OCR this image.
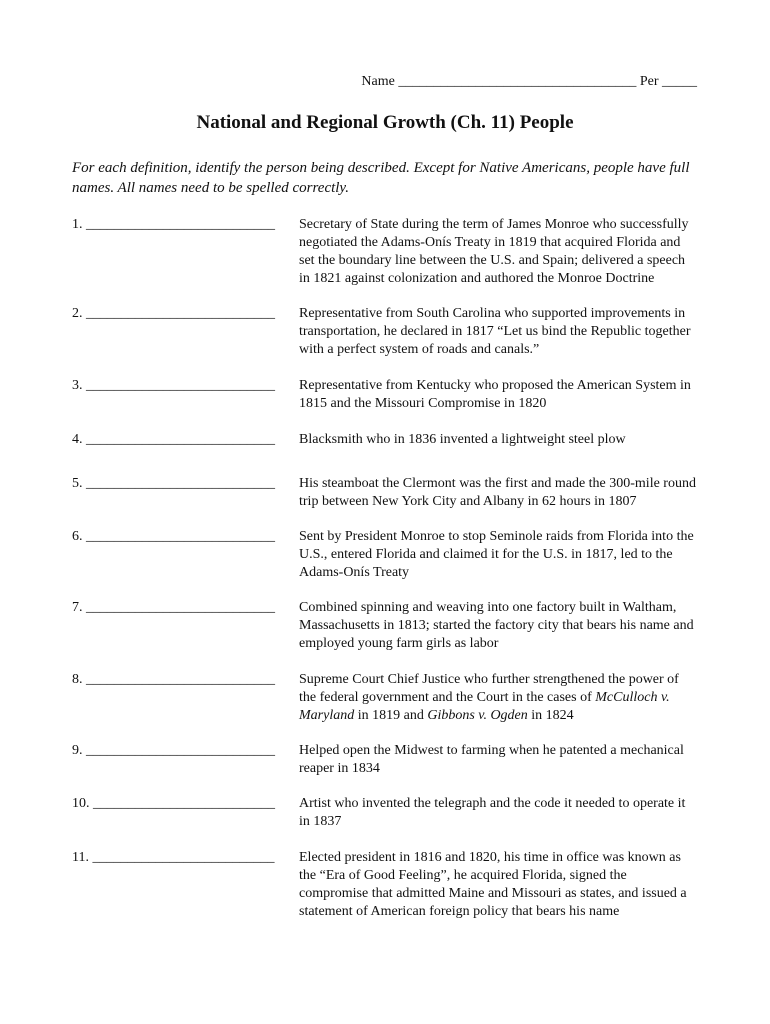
Name __________________________________ Per _____
National and Regional Growth (Ch. 11) People
For each definition, identify the person being described. Except for Native Americans, people have full names. All names need to be spelled correctly.
1. ___________________________	Secretary of State during the term of James Monroe who successfully negotiated the Adams-Onís Treaty in 1819 that acquired Florida and set the boundary line between the U.S. and Spain; delivered a speech in 1821 against colonization and authored the Monroe Doctrine
2. ___________________________	Representative from South Carolina who supported improvements in transportation, he declared in 1817 “Let us bind the Republic together with a perfect system of roads and canals.”
3. ___________________________	Representative from Kentucky who proposed the American System in 1815 and the Missouri Compromise in 1820
4. ___________________________	Blacksmith who in 1836 invented a lightweight steel plow
5. ___________________________	His steamboat the Clermont was the first and made the 300-mile round trip between New York City and Albany in 62 hours in 1807
6. ___________________________	Sent by President Monroe to stop Seminole raids from Florida into the U.S., entered Florida and claimed it for the U.S. in 1817, led to the Adams-Onís Treaty
7. ___________________________	Combined spinning and weaving into one factory built in Waltham, Massachusetts in 1813; started the factory city that bears his name and employed young farm girls as labor
8. ___________________________	Supreme Court Chief Justice who further strengthened the power of the federal government and the Court in the cases of McCulloch v. Maryland in 1819 and Gibbons v. Ogden in 1824
9. ___________________________	Helped open the Midwest to farming when he patented a mechanical reaper in 1834
10. __________________________	Artist who invented the telegraph and the code it needed to operate it in 1837
11. __________________________	Elected president in 1816 and 1820, his time in office was known as the “Era of Good Feeling”, he acquired Florida, signed the compromise that admitted Maine and Missouri as states, and issued a statement of American foreign policy that bears his name
